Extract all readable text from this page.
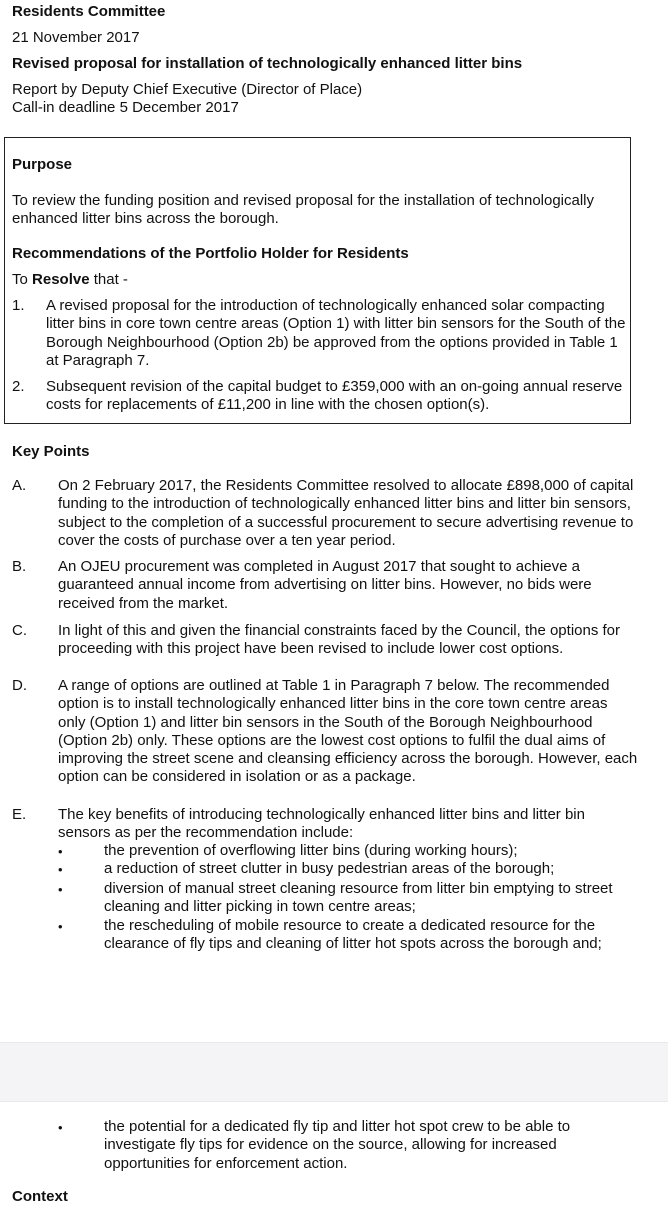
Residents Committee
21 November 2017
Revised proposal for installation of technologically enhanced litter bins
Report by Deputy Chief Executive (Director of Place)
Call-in deadline 5 December 2017
Purpose
To review the funding position and revised proposal for the installation of technologically enhanced litter bins across the borough.
Recommendations of the Portfolio Holder for Residents
To Resolve that -
1. A revised proposal for the introduction of technologically enhanced solar compacting litter bins in core town centre areas (Option 1) with litter bin sensors for the South of the Borough Neighbourhood (Option 2b) be approved from the options provided in Table 1 at Paragraph 7.
2. Subsequent revision of the capital budget to £359,000 with an on-going annual reserve costs for replacements of £11,200 in line with the chosen option(s).
Key Points
A. On 2 February 2017, the Residents Committee resolved to allocate £898,000 of capital funding to the introduction of technologically enhanced litter bins and litter bin sensors, subject to the completion of a successful procurement to secure advertising revenue to cover the costs of purchase over a ten year period.
B. An OJEU procurement was completed in August 2017 that sought to achieve a guaranteed annual income from advertising on litter bins. However, no bids were received from the market.
C. In light of this and given the financial constraints faced by the Council, the options for proceeding with this project have been revised to include lower cost options.
D. A range of options are outlined at Table 1 in Paragraph 7 below. The recommended option is to install technologically enhanced litter bins in the core town centre areas only (Option 1) and litter bin sensors in the South of the Borough Neighbourhood (Option 2b) only. These options are the lowest cost options to fulfil the dual aims of improving the street scene and cleansing efficiency across the borough. However, each option can be considered in isolation or as a package.
E. The key benefits of introducing technologically enhanced litter bins and litter bin sensors as per the recommendation include:
•	the prevention of overflowing litter bins (during working hours);
•	a reduction of street clutter in busy pedestrian areas of the borough;
•	diversion of manual street cleaning resource from litter bin emptying to street cleaning and litter picking in town centre areas;
•	the rescheduling of mobile resource to create a dedicated resource for the clearance of fly tips and cleaning of litter hot spots across the borough and;
•	the potential for a dedicated fly tip and litter hot spot crew to be able to investigate fly tips for evidence on the source, allowing for increased opportunities for enforcement action.
Context
